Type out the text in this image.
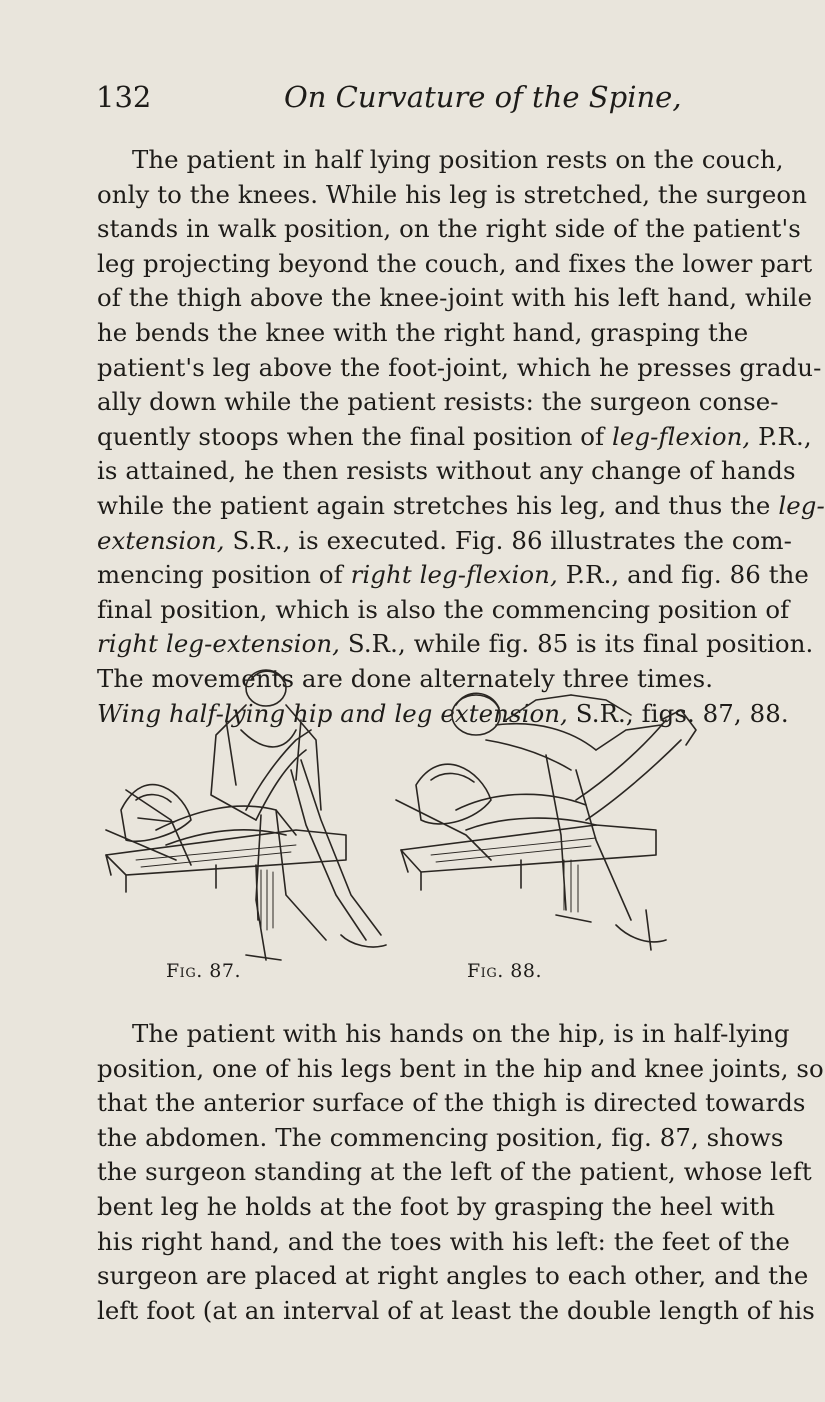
132	On Curvature of the Spine,
The patient in half lying position rests on the couch,
only to the knees. While his leg is stretched, the surgeon
stands in walk position, on the right side of the patient's
leg projecting beyond the couch, and fixes the lower part
of the thigh above the knee-joint with his left hand, while
he bends the knee with the right hand, grasping the
patient's leg above the foot-joint, which he presses gradu-
ally down while the patient resists: the surgeon conse-
quently stoops when the final position of leg-flexion, P.R.,
is attained, he then resists without any change of hands
while the patient again stretches his leg, and thus the leg-
extension, S.R., is executed. Fig. 86 illustrates the com-
mencing position of right leg-flexion, P.R., and fig. 86 the
final position, which is also the commencing position of
right leg-extension, S.R., while fig. 85 is its final position.
The movements are done alternately three times.
Wing half-lying hip and leg extension, S.R., figs. 87, 88.
Fig. 87.	Fig. 88.
The patient with his hands on the hip, is in half-lying
position, one of his legs bent in the hip and knee joints, so
that the anterior surface of the thigh is directed towards
the abdomen. The commencing position, fig. 87, shows
the surgeon standing at the left of the patient, whose left
bent leg he holds at the foot by grasping the heel with
his right hand, and the toes with his left: the feet of the
surgeon are placed at right angles to each other, and the
left foot (at an interval of at least the double length of his
